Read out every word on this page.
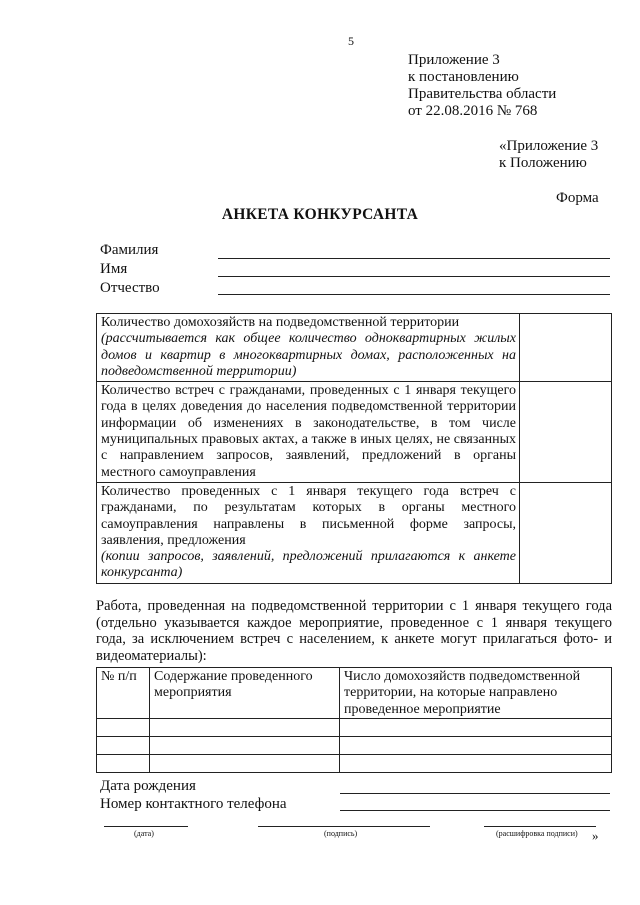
5
Приложение 3
к постановлению
Правительства области
от 22.08.2016 № 768
«Приложение 3
к Положению
Форма
АНКЕТА КОНКУРСАНТА
Фамилия
Имя
Отчество
Количество домохозяйств на подведомственной территории
(рассчитывается как общее количество одноквартирных жилых домов и квартир в многоквартирных домах, расположенных на подведомственной территории)	
Количество встреч с гражданами, проведенных с 1 января текущего года в целях доведения до населения подведомственной территории информации об изменениях в законодательстве, в том числе муниципальных правовых актах, а также в иных целях, не связанных с направлением запросов, заявлений, предложений в органы местного самоуправления	
Количество проведенных с 1 января текущего года встреч с гражданами, по результатам которых в органы местного самоуправления направлены в письменной форме запросы, заявления, предложения
(копии запросов, заявлений, предложений прилагаются к анкете конкурсанта)	
Работа, проведенная на подведомственной территории с 1 января текущего года (отдельно указывается каждое мероприятие, проведенное с 1 января текущего года, за исключением встреч с населением, к анкете могут прилагаться фото- и видеоматериалы):
№ п/п	Содержание проведенного мероприятия	Число домохозяйств подведомственной территории, на которые направлено проведенное мероприятие

Дата рождения
Номер контактного телефона
(дата)	(подпись)	(расшифровка подписи) »
